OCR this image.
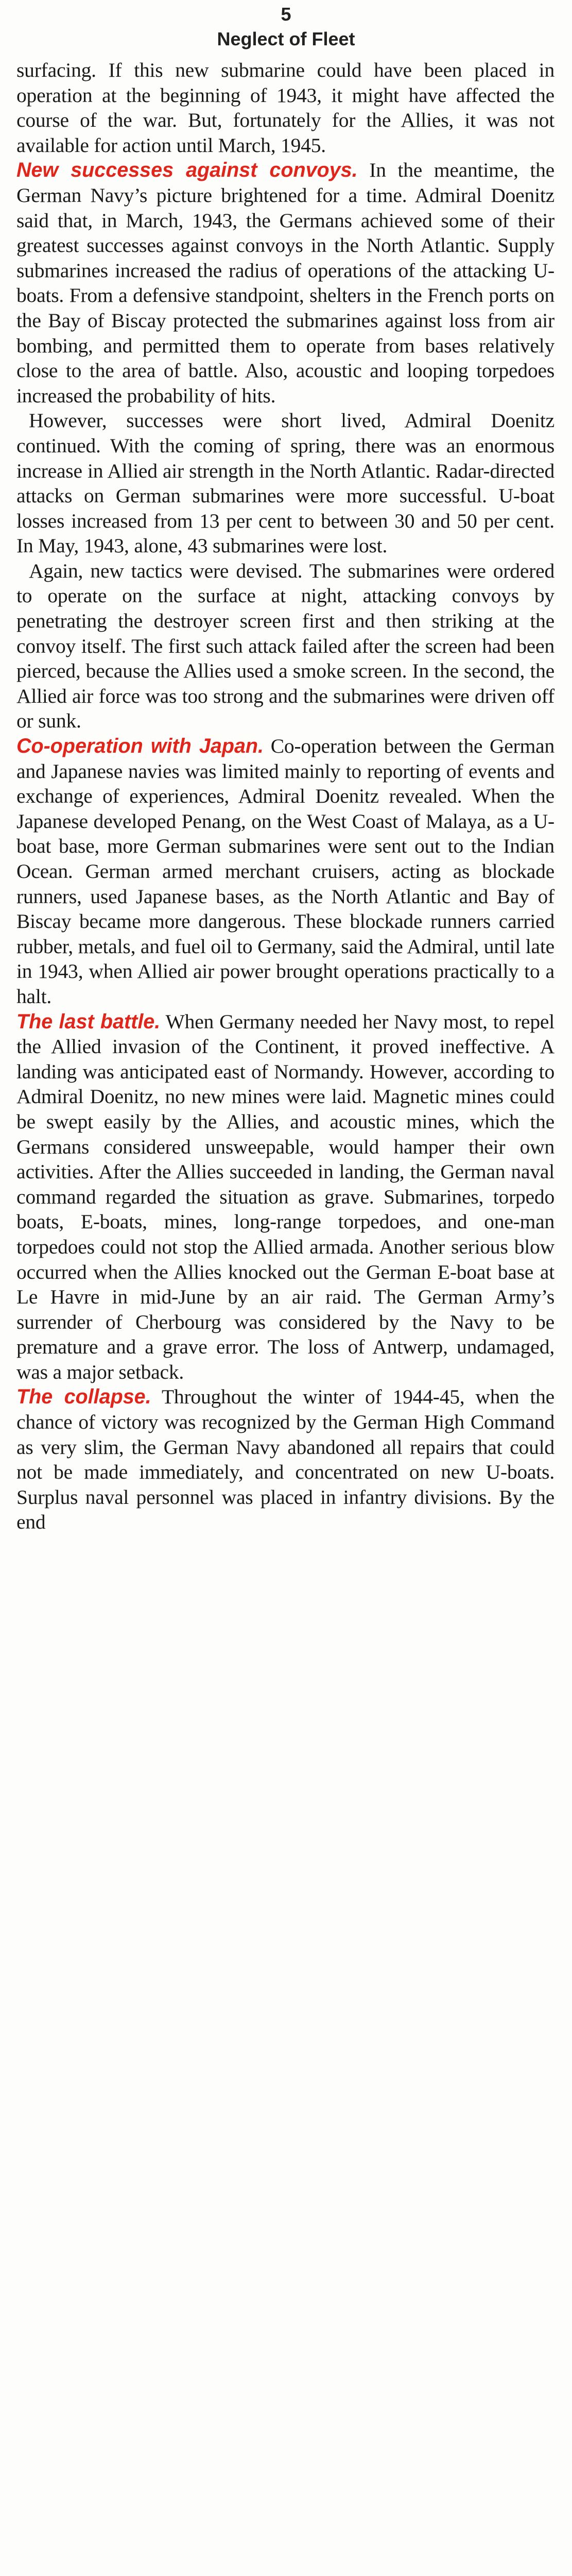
5
Neglect of Fleet

surfacing. If this new submarine could have been placed in operation at the beginning of 1943, it might have affected the course of the war. But, fortunately for the Allies, it was not available for action until March, 1945.

New successes against convoys. In the meantime, the German Navy’s picture brightened for a time. Admiral Doenitz said that, in March, 1943, the Germans achieved some of their greatest successes against convoys in the North Atlantic. Supply submarines increased the radius of operations of the attacking U-boats. From a defensive standpoint, shelters in the French ports on the Bay of Biscay protected the submarines against loss from air bombing, and permitted them to operate from bases relatively close to the area of battle. Also, acoustic and looping torpedoes increased the probability of hits.

However, successes were short lived, Admiral Doenitz continued. With the coming of spring, there was an enormous increase in Allied air strength in the North Atlantic. Radar-directed attacks on German submarines were more successful. U-boat losses increased from 13 per cent to between 30 and 50 per cent. In May, 1943, alone, 43 submarines were lost.

Again, new tactics were devised. The submarines were ordered to operate on the surface at night, attacking convoys by penetrating the destroyer screen first and then striking at the convoy itself. The first such attack failed after the screen had been pierced, because the Allies used a smoke screen. In the second, the Allied air force was too strong and the submarines were driven off or sunk.

Co-operation with Japan. Co-operation between the German and Japanese navies was limited mainly to reporting of events and exchange of experiences, Admiral Doenitz revealed. When the Japanese developed Penang, on the West Coast of Malaya, as a U-boat base, more German submarines were sent out to the Indian Ocean. German armed merchant cruisers, acting as blockade runners, used Japanese bases, as the North Atlantic and Bay of Biscay became more dangerous. These blockade runners carried rubber, metals, and fuel oil to Germany, said the Admiral, until late in 1943, when Allied air power brought operations practically to a halt.

The last battle. When Germany needed her Navy most, to repel the Allied invasion of the Continent, it proved ineffective. A landing was anticipated east of Normandy. However, according to Admiral Doenitz, no new mines were laid. Magnetic mines could be swept easily by the Allies, and acoustic mines, which the Germans considered unsweepable, would hamper their own activities. After the Allies succeeded in landing, the German naval command regarded the situation as grave. Submarines, torpedo boats, E-boats, mines, long-range torpedoes, and one-man torpedoes could not stop the Allied armada. Another serious blow occurred when the Allies knocked out the German E-boat base at Le Havre in mid-June by an air raid. The German Army’s surrender of Cherbourg was considered by the Navy to be premature and a grave error. The loss of Antwerp, undamaged, was a major setback.

The collapse. Throughout the winter of 1944-45, when the chance of victory was recognized by the German High Command as very slim, the German Navy abandoned all repairs that could not be made immediately, and concentrated on new U-boats. Surplus naval personnel was placed in infantry divisions. By the end
